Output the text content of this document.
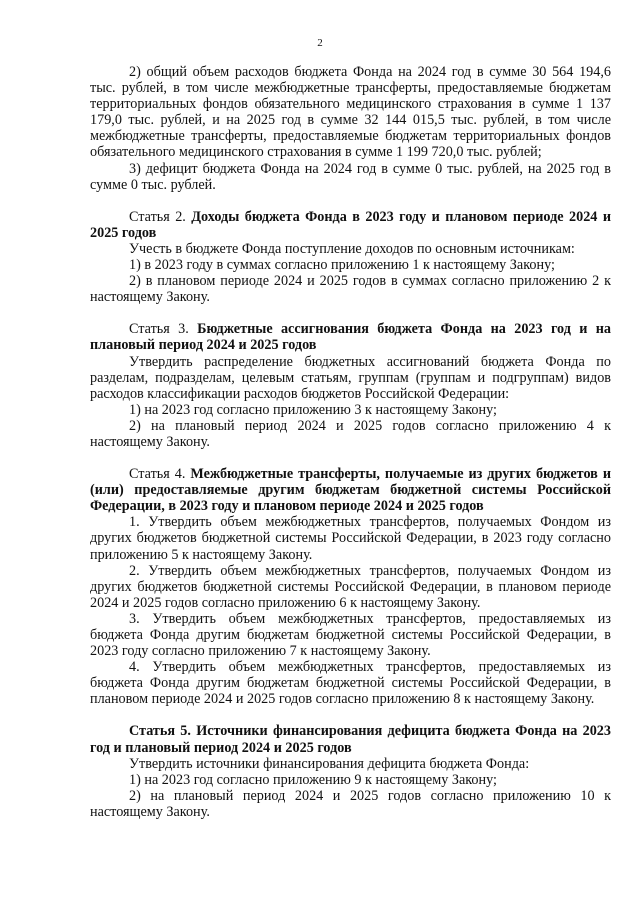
2

2) общий объем расходов бюджета Фонда на 2024 год в сумме 30 564 194,6 тыс. рублей, в том числе межбюджетные трансферты, предоставляемые бюджетам территориальных фондов обязательного медицинского страхования в сумме 1 137 179,0 тыс. рублей, и на 2025 год в сумме 32 144 015,5 тыс. рублей, в том числе межбюджетные трансферты, предоставляемые бюджетам территориальных фондов обязательного медицинского страхования в сумме 1 199 720,0 тыс. рублей;

3) дефицит бюджета Фонда на 2024 год в сумме 0 тыс. рублей, на 2025 год в сумме 0 тыс. рублей.

Статья 2. Доходы бюджета Фонда в 2023 году и плановом периоде 2024 и 2025 годов

Учесть в бюджете Фонда поступление доходов по основным источникам:

1) в 2023 году в суммах согласно приложению 1 к настоящему Закону;

2) в плановом периоде 2024 и 2025 годов в суммах согласно приложению 2 к настоящему Закону.

Статья 3. Бюджетные ассигнования бюджета Фонда на 2023 год и на плановый период 2024 и 2025 годов

Утвердить распределение бюджетных ассигнований бюджета Фонда по разделам, подразделам, целевым статьям, группам (группам и подгруппам) видов расходов классификации расходов бюджетов Российской Федерации:

1) на 2023 год согласно приложению 3 к настоящему Закону;

2) на плановый период 2024 и 2025 годов согласно приложению 4 к настоящему Закону.

Статья 4. Межбюджетные трансферты, получаемые из других бюджетов и (или) предоставляемые другим бюджетам бюджетной системы Российской Федерации, в 2023 году и плановом периоде 2024 и 2025 годов

1. Утвердить объем межбюджетных трансфертов, получаемых Фондом из других бюджетов бюджетной системы Российской Федерации, в 2023 году согласно приложению 5 к настоящему Закону.

2. Утвердить объем межбюджетных трансфертов, получаемых Фондом из других бюджетов бюджетной системы Российской Федерации, в плановом периоде 2024 и 2025 годов согласно приложению 6 к настоящему Закону.

3. Утвердить объем межбюджетных трансфертов, предоставляемых из бюджета Фонда другим бюджетам бюджетной системы Российской Федерации, в 2023 году согласно приложению 7 к настоящему Закону.

4. Утвердить объем межбюджетных трансфертов, предоставляемых из бюджета Фонда другим бюджетам бюджетной системы Российской Федерации, в плановом периоде 2024 и 2025 годов согласно приложению 8 к настоящему Закону.

Статья 5. Источники финансирования дефицита бюджета Фонда на 2023 год и плановый период 2024 и 2025 годов

Утвердить источники финансирования дефицита бюджета Фонда:

1) на 2023 год согласно приложению 9 к настоящему Закону;

2) на плановый период 2024 и 2025 годов согласно приложению 10 к настоящему Закону.
